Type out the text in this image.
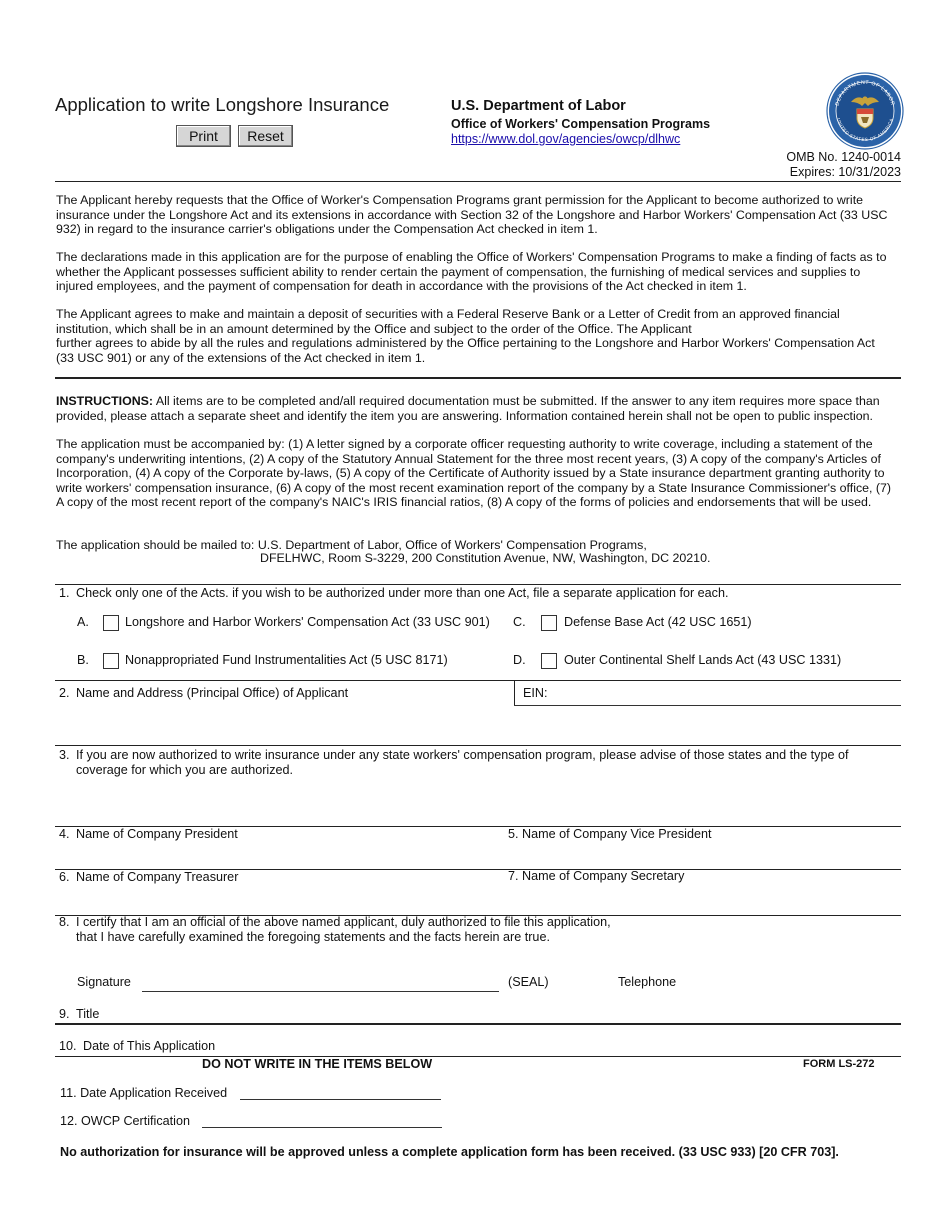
Application to write Longshore Insurance
Print	Reset
U.S. Department of Labor
Office of Workers' Compensation Programs
https://www.dol.gov/agencies/owcp/dlhwc
DEPARTMENT OF LABOR
UNITED STATES OF AMERICA
OMB No. 1240-0014
Expires: 10/31/2023
The Applicant hereby requests that the Office of Worker's Compensation Programs grant permission for the Applicant to become authorized to write insurance under the Longshore Act and its extensions in accordance with Section 32 of the Longshore and Harbor Workers' Compensation Act (33 USC 932) in regard to the insurance carrier's obligations under the Compensation Act checked in item 1.
The declarations made in this application are for the purpose of enabling the Office of Workers' Compensation Programs to make a finding of facts as to whether the Applicant possesses sufficient ability to render certain the payment of compensation, the furnishing of medical services and supplies to injured employees, and the payment of compensation for death in accordance with the provisions of the Act checked in item 1.
The Applicant agrees to make and maintain a deposit of securities with a Federal Reserve Bank or a Letter of Credit from an approved financial institution, which shall be in an amount determined by the Office and subject to the order of the Office. The Applicant
further agrees to abide by all the rules and regulations administered by the Office pertaining to the Longshore and Harbor Workers' Compensation Act (33 USC 901) or any of the extensions of the Act checked in item 1.
INSTRUCTIONS: All items are to be completed and/all required documentation must be submitted. If the answer to any item requires more space than provided, please attach a separate sheet and identify the item you are answering. Information contained herein shall not be open to public inspection.
The application must be accompanied by: (1) A letter signed by a corporate officer requesting authority to write coverage, including a statement of the company's underwriting intentions, (2) A copy of the Statutory Annual Statement for the three most recent years, (3) A copy of the company's Articles of Incorporation, (4) A copy of the Corporate by-laws, (5) A copy of the Certificate of Authority issued by a State insurance department granting authority to write workers' compensation insurance, (6) A copy of the most recent examination report of the company by a State Insurance Commissioner's office, (7) A copy of the most recent report of the company's NAIC's IRIS financial ratios, (8) A copy of the forms of policies and endorsements that will be used.
The application should be mailed to: U.S. Department of Labor, Office of Workers' Compensation Programs,
DFELHWC, Room S-3229, 200 Constitution Avenue, NW, Washington, DC 20210.
1. Check only one of the Acts. if you wish to be authorized under more than one Act, file a separate application for each.
A.	Longshore and Harbor Workers' Compensation Act (33 USC 901) C.	Defense Base Act (42 USC 1651)
B.	Nonappropriated Fund Instrumentalities Act (5 USC 8171)	D.	Outer Continental Shelf Lands Act (43 USC 1331)
2. Name and Address (Principal Office) of Applicant	EIN:
3. If you are now authorized to write insurance under any state workers' compensation program, please advise of those states and the type of
coverage for which you are authorized.
4. Name of Company President	5. Name of Company Vice President
6. Name of Company Treasurer	7. Name of Company Secretary
8. I certify that I am an official of the above named applicant, duly authorized to file this application,
that I have carefully examined the foregoing statements and the facts herein are true.
Signature	(SEAL)	Telephone
9. Title
10. Date of This Application
DO NOT WRITE IN THE ITEMS BELOW	FORM LS-272
11. Date Application Received
12. OWCP Certification
No authorization for insurance will be approved unless a complete application form has been received. (33 USC 933) [20 CFR 703].
